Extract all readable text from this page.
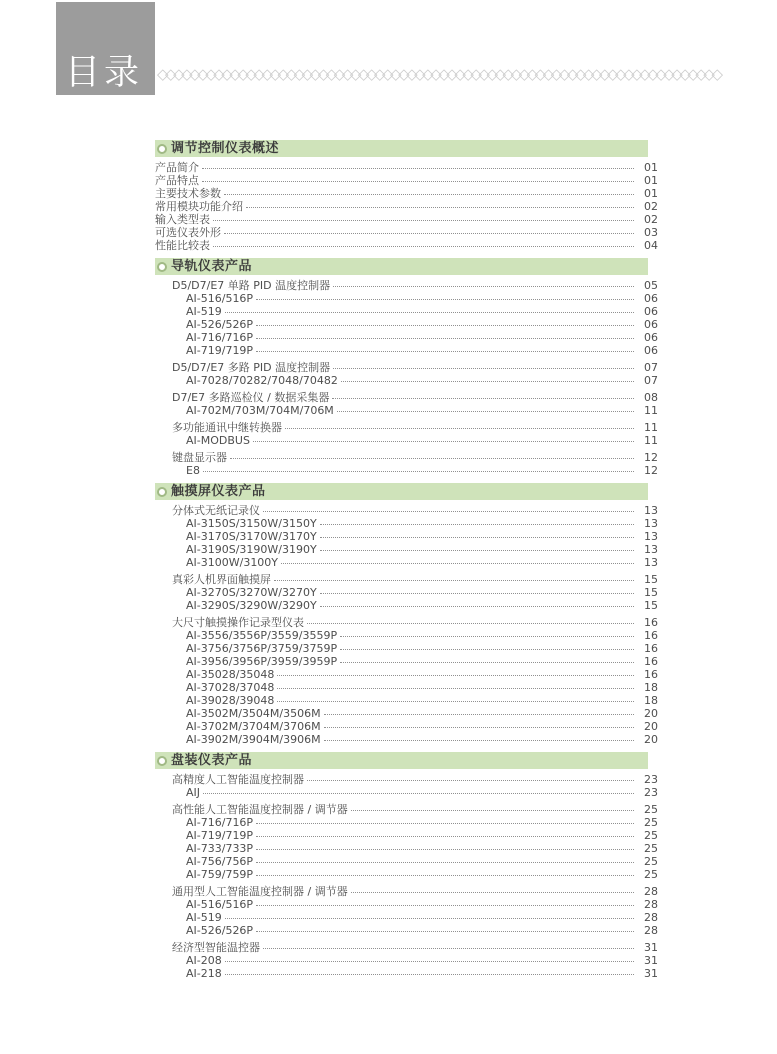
目录 ◇◇◇◇◇◇◇◇◇◇◇◇◇◇◇◇◇◇◇◇◇◇◇◇◇◇◇◇◇◇◇◇◇◇◇◇◇◇◇◇◇◇◇◇◇◇◇◇◇◇◇◇◇◇◇◇◇◇◇◇◇◇◇◇◇◇◇◇◇◇
调节控制仪表概述
产品简介	01
产品特点	01
主要技术参数	01
常用模块功能介绍	02
输入类型表	02
可选仪表外形	03
性能比较表	04
导轨仪表产品
D5/D7/E7 单路 PID 温度控制器	05
AI-516/516P	06
AI-519	06
AI-526/526P	06
AI-716/716P	06
AI-719/719P	06
D5/D7/E7 多路 PID 温度控制器	07
AI-7028/70282/7048/70482	07
D7/E7 多路巡检仪 / 数据采集器	08
AI-702M/703M/704M/706M	11
多功能通讯中继转换器	11
AI-MODBUS	11
键盘显示器	12
E8	12
触摸屏仪表产品
分体式无纸记录仪	13
AI-3150S/3150W/3150Y	13
AI-3170S/3170W/3170Y	13
AI-3190S/3190W/3190Y	13
AI-3100W/3100Y	13
真彩人机界面触摸屏	15
AI-3270S/3270W/3270Y	15
AI-3290S/3290W/3290Y	15
大尺寸触摸操作记录型仪表	16
AI-3556/3556P/3559/3559P	16
AI-3756/3756P/3759/3759P	16
AI-3956/3956P/3959/3959P	16
AI-35028/35048	16
AI-37028/37048	18
AI-39028/39048	18
AI-3502M/3504M/3506M	20
AI-3702M/3704M/3706M	20
AI-3902M/3904M/3906M	20
盘装仪表产品
高精度人工智能温度控制器	23
AIJ	23
高性能人工智能温度控制器 / 调节器	25
AI-716/716P	25
AI-719/719P	25
AI-733/733P	25
AI-756/756P	25
AI-759/759P	25
通用型人工智能温度控制器 / 调节器	28
AI-516/516P	28
AI-519	28
AI-526/526P	28
经济型智能温控器	31
AI-208	31
AI-218	31
